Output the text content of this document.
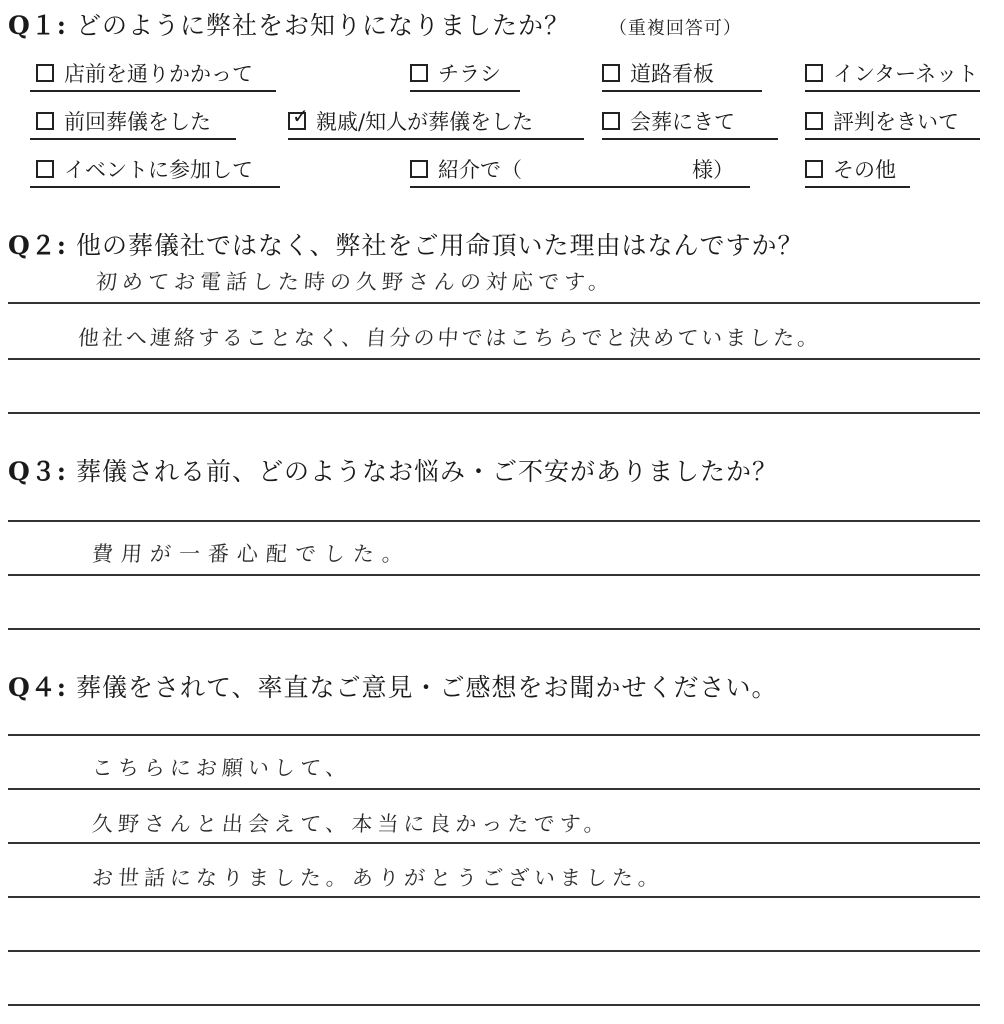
Q１: どのように弊社をお知りになりましたか？ （重複回答可）
店前を通りかかって	チラシ	道路看板	インターネット
前回葬儀をした	✓ 親戚/知人が葬儀をした	会葬にきて	評判をきいて
イベントに参加して	紹介で（	様）	その他
Q２: 他の葬儀社ではなく、弊社をご用命頂いた理由はなんですか？
初めてお電話した時の久野さんの対応です。
他社へ連絡することなく、自分の中ではこちらでと決めていました。
Q３: 葬儀される前、どのようなお悩み・ご不安がありましたか？
費用が一番心配でした。
Q４: 葬儀をされて、率直なご意見・ご感想をお聞かせください。
こちらにお願いして、
久野さんと出会えて、本当に良かったです。
お世話になりました。ありがとうございました。
